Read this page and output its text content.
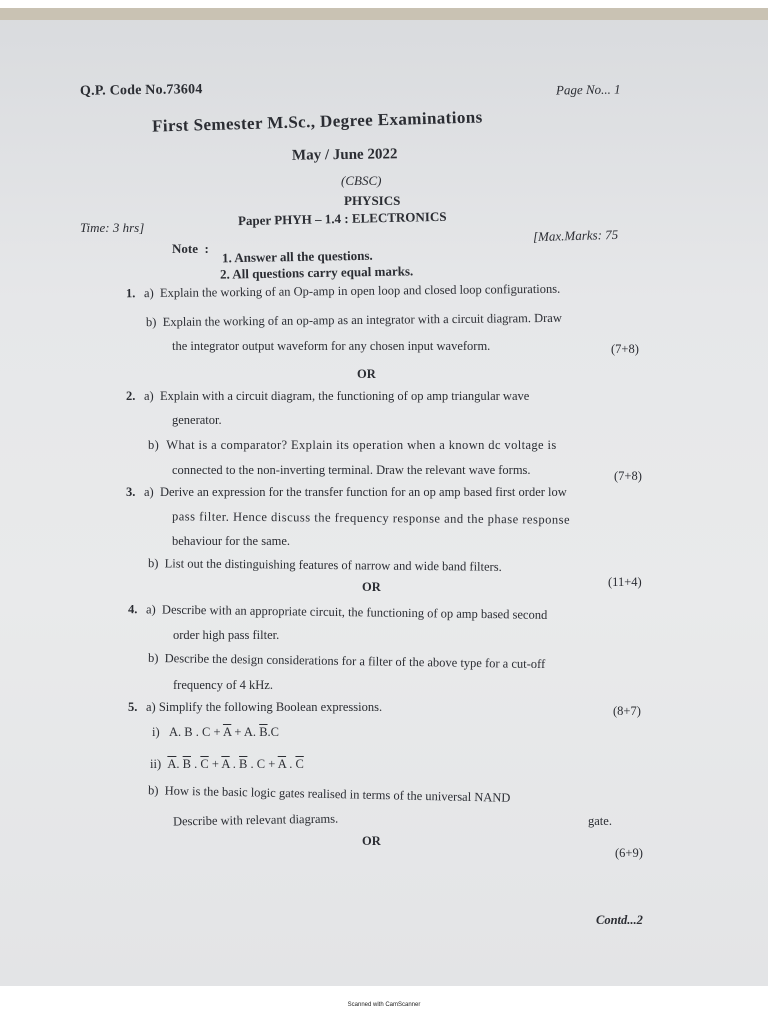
Q.P. Code No.73604	Page No... 1
First Semester M.Sc., Degree Examinations
May / June 2022
(CBSC)
PHYSICS
Paper PHYH – 1.4 : ELECTRONICS
Time: 3 hrs]	[Max.Marks: 75
Note : 1. Answer all the questions.
2. All questions carry equal marks.
1. a) Explain the working of an Op-amp in open loop and closed loop configurations.
b) Explain the working of an op-amp as an integrator with a circuit diagram. Draw
the integrator output waveform for any chosen input waveform.	(7+8)
OR
2. a) Explain with a circuit diagram, the functioning of op amp triangular wave
generator.
b) What is a comparator? Explain its operation when a known dc voltage is
connected to the non-inverting terminal. Draw the relevant wave forms.	(7+8)
3. a) Derive an expression for the transfer function for an op amp based first order low
pass filter. Hence discuss the frequency response and the phase response
behaviour for the same.
b) List out the distinguishing features of narrow and wide band filters.
OR	(11+4)
4. a) Describe with an appropriate circuit, the functioning of op amp based second
order high pass filter.
b) Describe the design considerations for a filter of the above type for a cut-off
frequency of 4 kHz.
5. a) Simplify the following Boolean expressions.	(8+7)
i)   A. B . $C + \overline{A} + A$. $\overline{B}.C$
ii) $\overline{A}$. $\overline{B}$ . $\overline{C} + \overline{A}$ . $\overline{B}$ . $C + \overline{A}$ . $\overline{C}$
b) How is the basic logic gates realised in terms of the universal NAND
gate.
Describe with relevant diagrams.
OR
(6+9)
Contd...2
Scanned with CamScanner
